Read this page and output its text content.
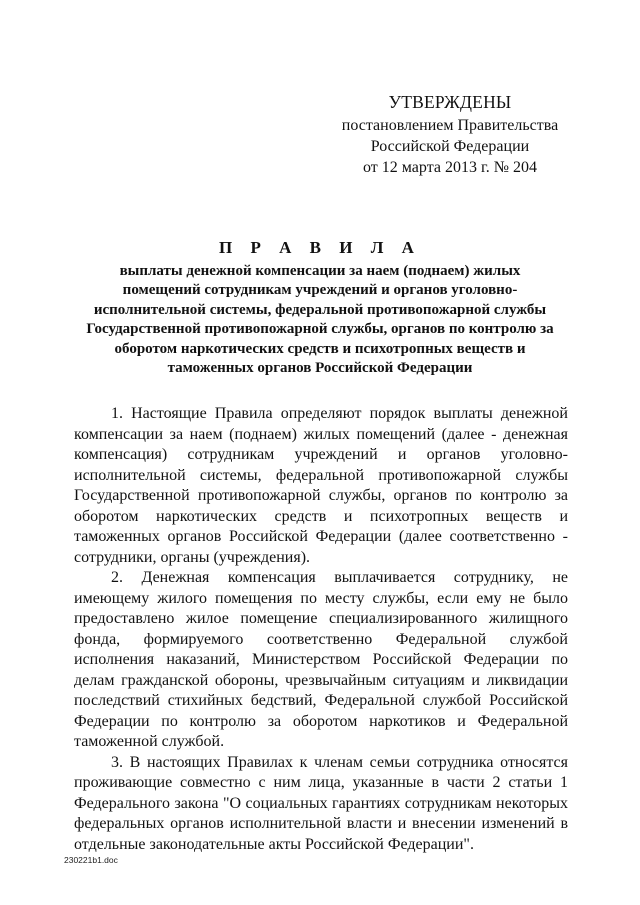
УТВЕРЖДЕНЫ
постановлением Правительства
Российской Федерации
от 12 марта 2013 г. № 204
П Р А В И Л А
выплаты денежной компенсации за наем (поднаем) жилых помещений сотрудникам учреждений и органов уголовно-исполнительной системы, федеральной противопожарной службы Государственной противопожарной службы, органов по контролю за оборотом наркотических средств и психотропных веществ и таможенных органов Российской Федерации

1. Настоящие Правила определяют порядок выплаты денежной компенсации за наем (поднаем) жилых помещений (далее - денежная компенсация) сотрудникам учреждений и органов уголовно-исполнительной системы, федеральной противопожарной службы Государственной противопожарной службы, органов по контролю за оборотом наркотических средств и психотропных веществ и таможенных органов Российской Федерации (далее соответственно - сотрудники, органы (учреждения).

2. Денежная компенсация выплачивается сотруднику, не имеющему жилого помещения по месту службы, если ему не было предоставлено жилое помещение специализированного жилищного фонда, формируемого соответственно Федеральной службой исполнения наказаний, Министерством Российской Федерации по делам гражданской обороны, чрезвычайным ситуациям и ликвидации последствий стихийных бедствий, Федеральной службой Российской Федерации по контролю за оборотом наркотиков и Федеральной таможенной службой.

3. В настоящих Правилах к членам семьи сотрудника относятся проживающие совместно с ним лица, указанные в части 2 статьи 1 Федерального закона "О социальных гарантиях сотрудникам некоторых федеральных органов исполнительной власти и внесении изменений в отдельные законодательные акты Российской Федерации".

230221b1.doc
